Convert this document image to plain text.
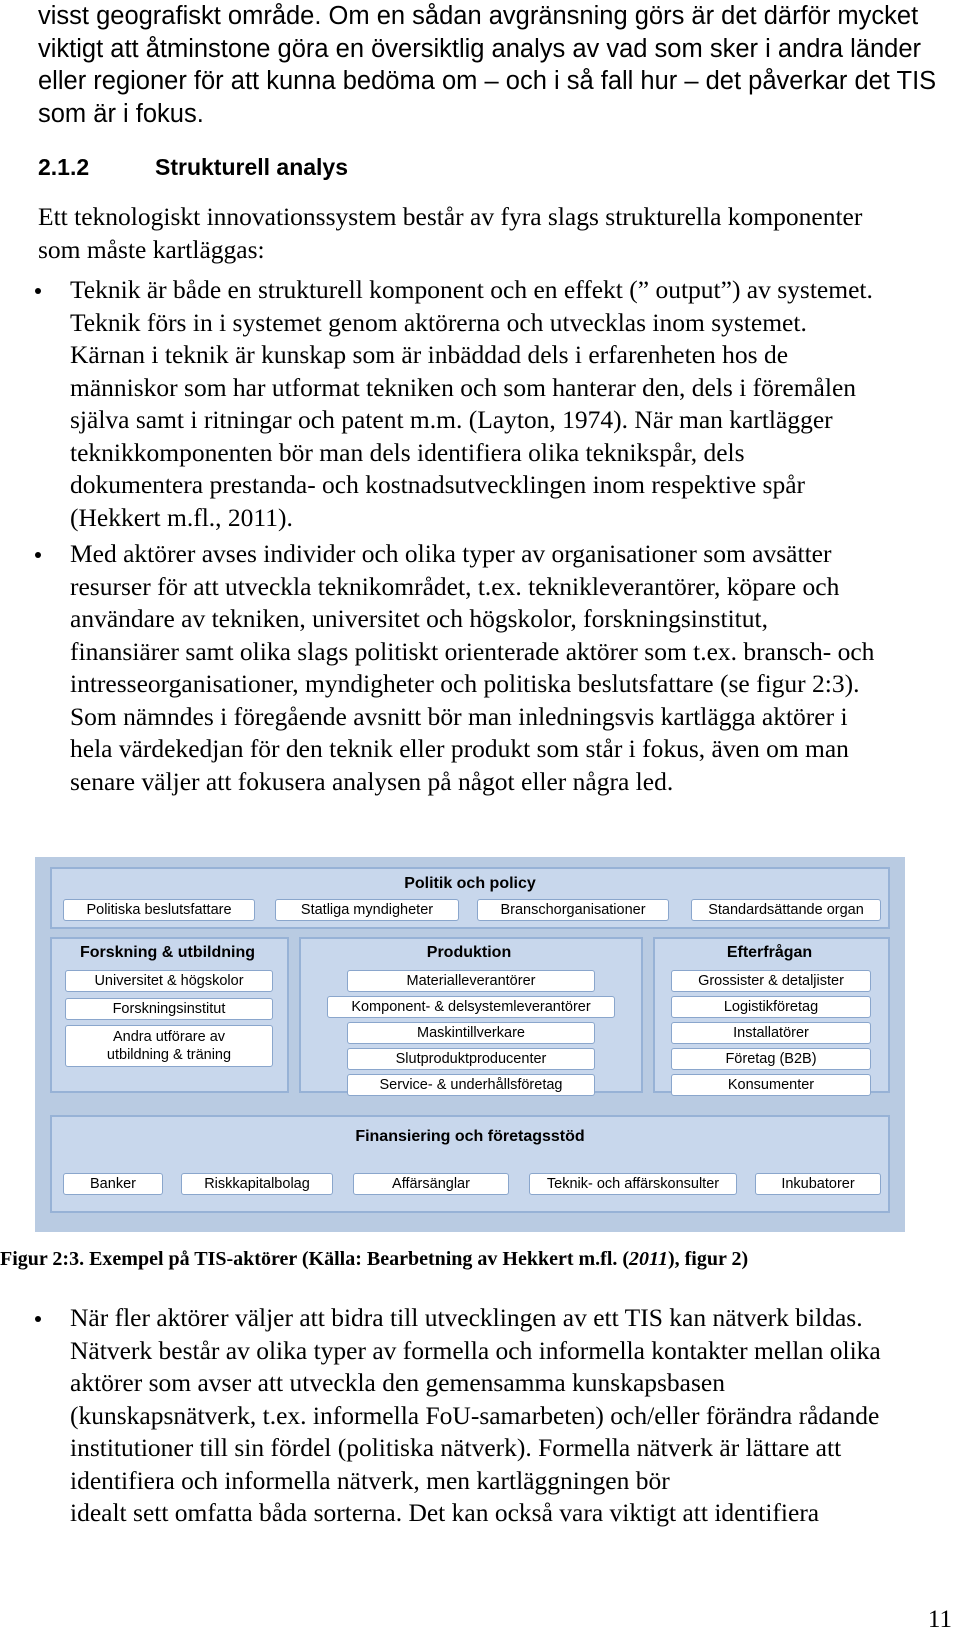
visst geografiskt område. Om en sådan avgränsning görs är det därför mycket
viktigt att åtminstone göra en översiktlig analys av vad som sker i andra länder
eller regioner för att kunna bedöma om – och i så fall hur – det påverkar det TIS
som är i fokus.
2.1.2	Strukturell analys
Ett teknologiskt innovationssystem består av fyra slags strukturella komponenter
som måste kartläggas:
Teknik är både en strukturell komponent och en effekt (” output”) av systemet.
Teknik förs in i systemet genom aktörerna och utvecklas inom systemet.
Kärnan i teknik är kunskap som är inbäddad dels i erfarenheten hos de
människor som har utformat tekniken och som hanterar den, dels i föremålen
själva samt i ritningar och patent m.m. (Layton, 1974). När man kartlägger
teknikkomponenten bör man dels identifiera olika teknikspår, dels
dokumentera prestanda- och kostnadsutvecklingen inom respektive spår
(Hekkert m.fl., 2011).
Med aktörer avses individer och olika typer av organisationer som avsätter
resurser för att utveckla teknikområdet, t.ex. teknikleverantörer, köpare och
användare av tekniken, universitet och högskolor, forskningsinstitut,
finansiärer samt olika slags politiskt orienterade aktörer som t.ex. bransch- och
intresseorganisationer, myndigheter och politiska beslutsfattare (se figur 2:3).
Som nämndes i föregående avsnitt bör man inledningsvis kartlägga aktörer i
hela värdekedjan för den teknik eller produkt som står i fokus, även om man
senare väljer att fokusera analysen på något eller några led.
Politik och policy
Politiska beslutsfattare	Statliga myndigheter	Branschorganisationer	Standardsättande organ
Forskning & utbildning
Universitet & högskolor
Forskningsinstitut
Andra utförare av
utbildning & träning
Produktion
Materialleverantörer
Komponent- & delsystemleverantörer
Maskintillverkare
Slutproduktproducenter
Service- & underhållsföretag
Efterfrågan
Grossister & detaljister
Logistikföretag
Installatörer
Företag (B2B)
Konsumenter
Finansiering och företagsstöd
Banker	Riskkapitalbolag	Affärsänglar	Teknik- och affärskonsulter	Inkubatorer
Figur 2:3. Exempel på TIS-aktörer (Källa: Bearbetning av Hekkert m.fl. (2011), figur 2)
När fler aktörer väljer att bidra till utvecklingen av ett TIS kan nätverk bildas.
Nätverk består av olika typer av formella och informella kontakter mellan olika
aktörer som avser att utveckla den gemensamma kunskapsbasen
(kunskapsnätverk, t.ex. informella FoU-samarbeten) och/eller förändra rådande
institutioner till sin fördel (politiska nätverk). Formella nätverk är lättare att
identifiera och informella nätverk, men kartläggningen bör
idealt sett omfatta båda sorterna. Det kan också vara viktigt att identifiera
11
